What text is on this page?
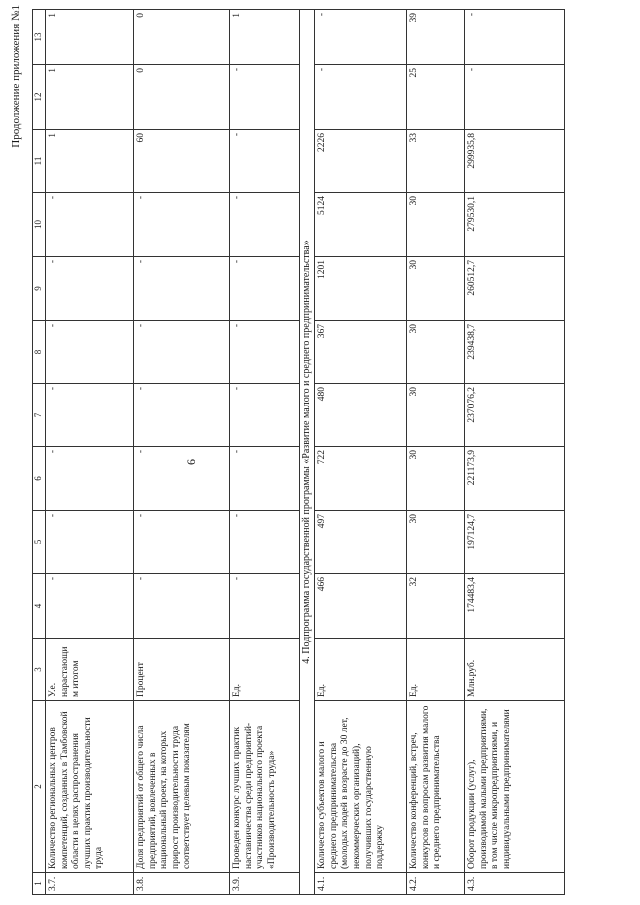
Продолжение приложения №1
6
1	2	3	4	5	6	7	8	9	10	11	12	13
3.7.	Количество региональных центров компетенций, созданных в Тамбовской области в целях распространения лучших практик производительности труда	У.е. нарастающим итогом	-	-	-	-	-	-	-	1	1	1
3.8.	Доля предприятий от общего числа предприятий, вовлеченных в национальный проект, на которых прирост производительности труда соответствует целевым показателям	Процент	-	-	-	-	-	-	-	60	0	0
3.9.	Проведен конкурс лучших практик наставничества среди предприятий-участников национального проекта «Производительность труда»	Ед.	-	-	-	-	-	-	-	-	-	1
4. Подпрограмма государственной программы «Развитие малого и среднего предпринимательства»												
4.1.	Количество субъектов малого и среднего предпринимательства (молодых людей в возрасте до 30 лет, некоммерческих организаций), получивших государственную поддержку	Ед.	466	497	722	480	367	1201	5124	2226	-	-
4.2.	Количество конференций, встреч, конкурсов по вопросам развития малого и среднего предпринимательства	Ед.	32	30	30	30	30	30	30	33	25	39
4.3.	Оборот продукции (услуг), производимой малыми предприятиями, в том числе микропредприятиями, и индивидуальными предпринимателями	Млн.руб.	174483,4	197124,7	221173,9	237076,2	239438,7	260512,7	279530,1	299935,8	-	-
